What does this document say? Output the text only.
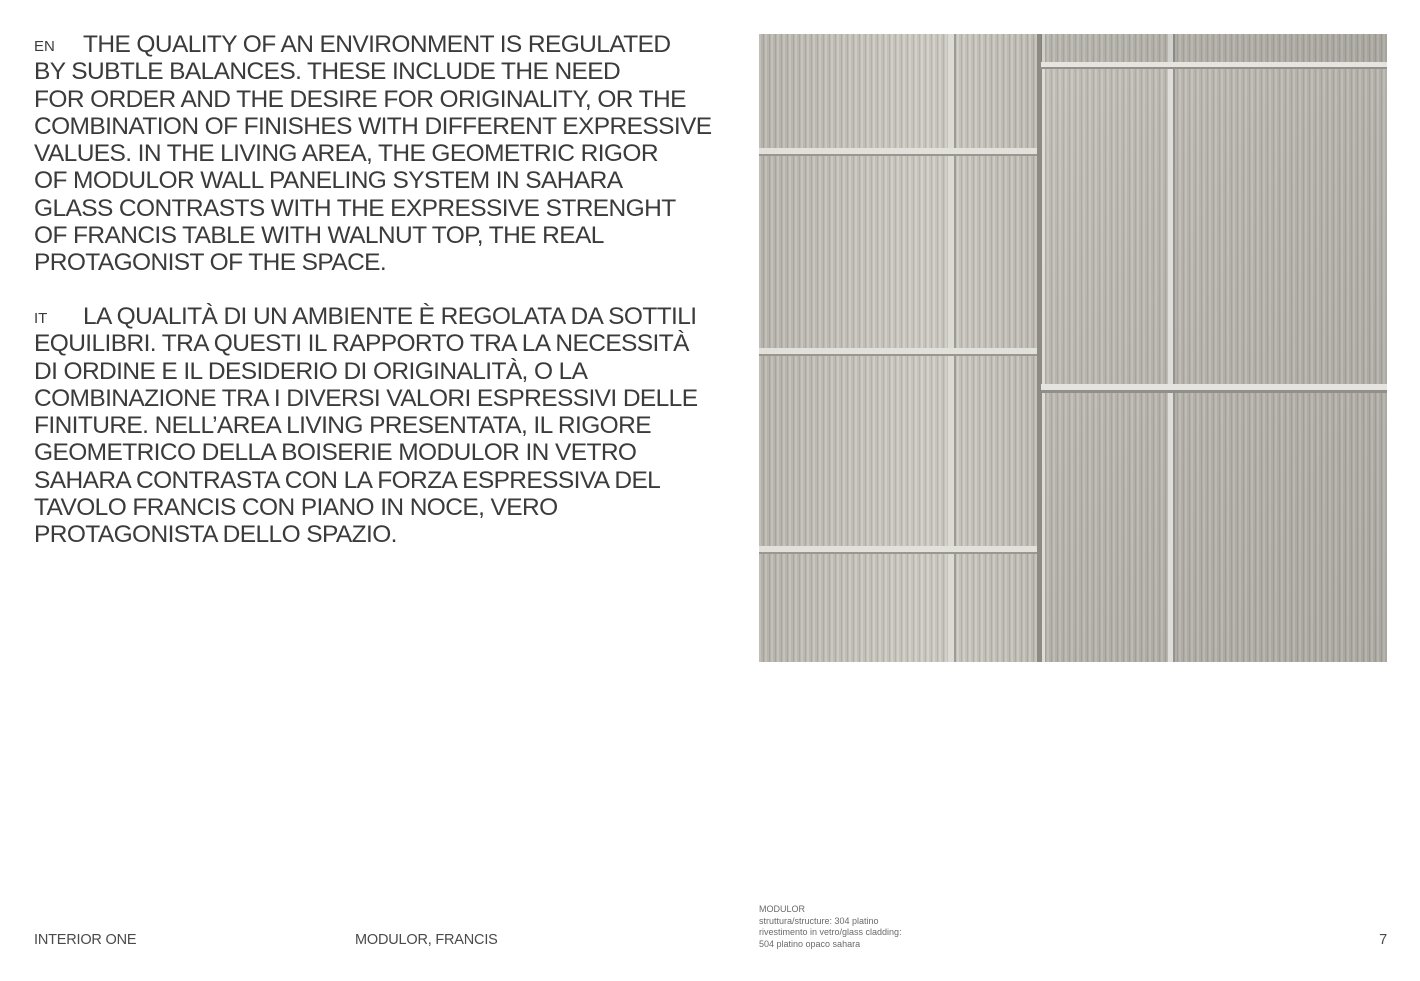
EN THE QUALITY OF AN ENVIRONMENT IS REGULATED
BY SUBTLE BALANCES. THESE INCLUDE THE NEED
FOR ORDER AND THE DESIRE FOR ORIGINALITY, OR THE
COMBINATION OF FINISHES WITH DIFFERENT EXPRESSIVE
VALUES. IN THE LIVING AREA, THE GEOMETRIC RIGOR
OF MODULOR WALL PANELING SYSTEM IN SAHARA
GLASS CONTRASTS WITH THE EXPRESSIVE STRENGHT
OF FRANCIS TABLE WITH WALNUT TOP, THE REAL
PROTAGONIST OF THE SPACE.
IT LA QUALITÀ DI UN AMBIENTE È REGOLATA DA SOTTILI
EQUILIBRI. TRA QUESTI IL RAPPORTO TRA LA NECESSITÀ
DI ORDINE E IL DESIDERIO DI ORIGINALITÀ, O LA
COMBINAZIONE TRA I DIVERSI VALORI ESPRESSIVI DELLE
FINITURE. NELL’AREA LIVING PRESENTATA, IL RIGORE
GEOMETRICO DELLA BOISERIE MODULOR IN VETRO
SAHARA CONTRASTA CON LA FORZA ESPRESSIVA DEL
TAVOLO FRANCIS CON PIANO IN NOCE, VERO
PROTAGONISTA DELLO SPAZIO.
MODULOR
struttura/structure: 304 platino
rivestimento in vetro/glass cladding:
504 platino opaco sahara
INTERIOR ONE	MODULOR, FRANCIS	7
